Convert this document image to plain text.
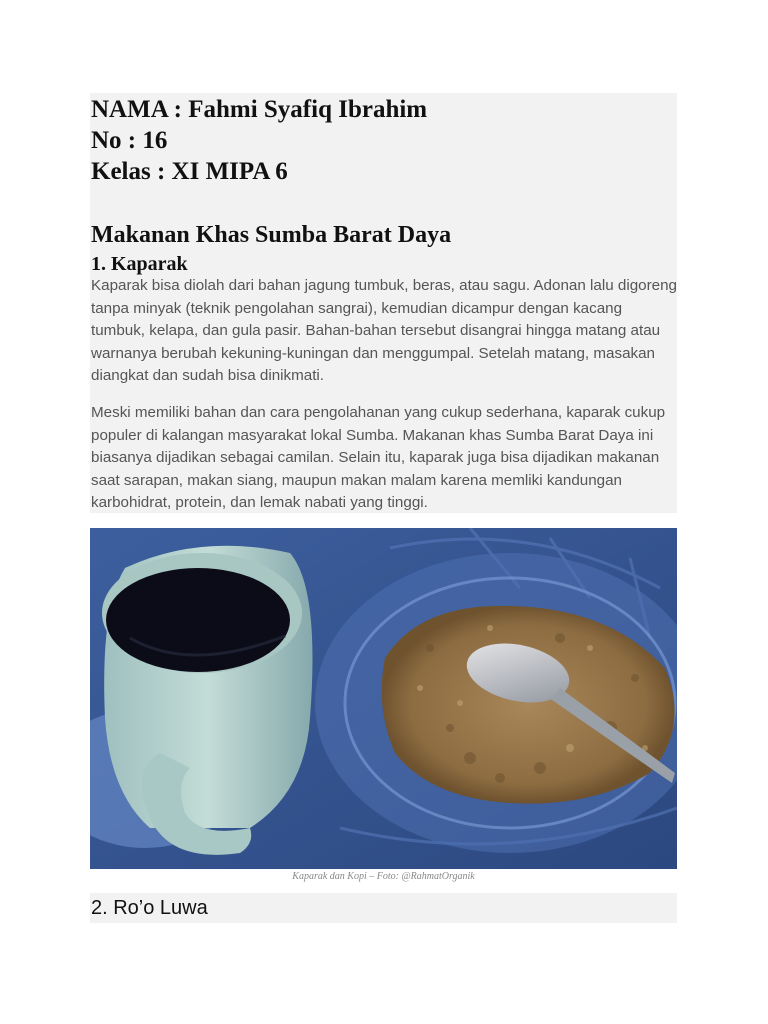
NAMA : Fahmi Syafiq Ibrahim
No : 16
Kelas : XI MIPA 6
Makanan Khas Sumba Barat Daya
1. Kaparak

Kaparak bisa diolah dari bahan jagung tumbuk, beras, atau sagu. Adonan lalu digoreng tanpa minyak (teknik pengolahan sangrai), kemudian dicampur dengan kacang tumbuk, kelapa, dan gula pasir. Bahan-bahan tersebut disangrai hingga matang atau warnanya berubah kekuning-kuningan dan menggumpal. Setelah matang, masakan diangkat dan sudah bisa dinikmati.

Meski memiliki bahan dan cara pengolahanan yang cukup sederhana, kaparak cukup populer di kalangan masyarakat lokal Sumba. Makanan khas Sumba Barat Daya ini biasanya dijadikan sebagai camilan. Selain itu, kaparak juga bisa dijadikan makanan saat sarapan, makan siang, maupun makan malam karena memliki kandungan karbohidrat, protein, dan lemak nabati yang tinggi.

Kaparak dan Kopi – Foto: @RahmatOrganik
2. Ro’o Luwa
